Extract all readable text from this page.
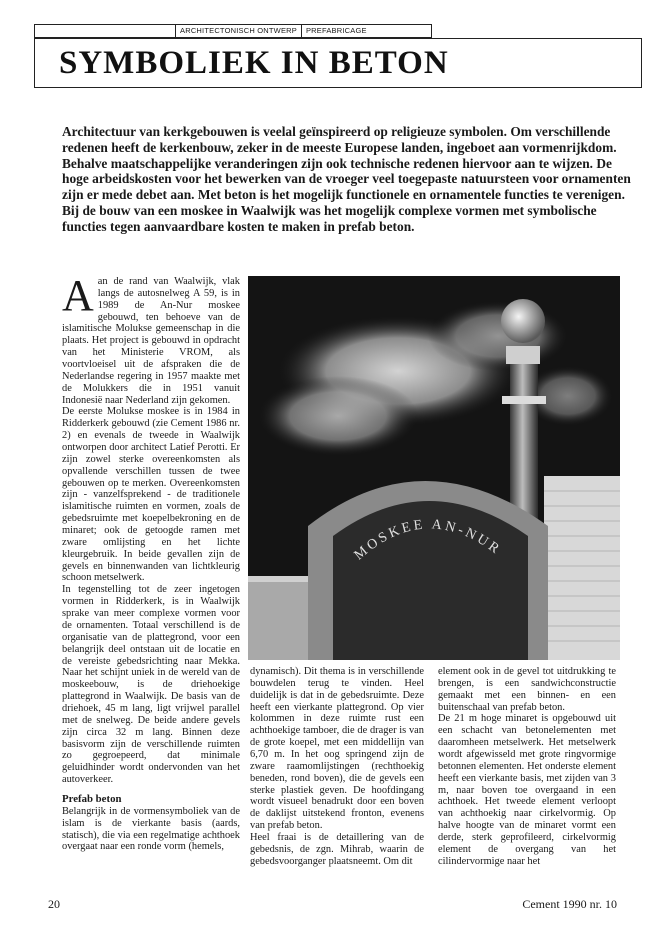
ARCHITECTONISCH ONTWERP	PREFABRICAGE
SYMBOLIEK IN BETON

Architectuur van kerkgebouwen is veelal geïnspireerd op religieuze symbolen. Om verschillende redenen heeft de kerkenbouw, zeker in de meeste Europese landen, ingeboet aan vormenrijkdom. Behalve maatschappelijke veranderingen zijn ook technische redenen hiervoor aan te wijzen. De hoge arbeidskosten voor het bewerken van de vroeger veel toegepaste natuursteen voor ornamenten zijn er mede debet aan. Met beton is het mogelijk functionele en ornamentele functies te verenigen. Bij de bouw van een moskee in Waalwijk was het mogelijk complexe vormen met symbolische functies tegen aanvaardbare kosten te maken in prefab beton.

A an de rand van Waalwijk, vlak langs de autosnelweg A 59, is in 1989 de An-Nur moskee gebouwd, ten behoeve van de islamitische Molukse gemeenschap in die plaats. Het project is gebouwd in opdracht van het Ministerie VROM, als voortvloeisel uit de afspraken die de Nederlandse regering in 1957 maakte met de Molukkers die in 1951 vanuit Indonesië naar Nederland zijn gekomen.

De eerste Molukse moskee is in 1984 in Ridderkerk gebouwd (zie Cement 1986 nr. 2) en evenals de tweede in Waalwijk ontworpen door architect Latief Perotti. Er zijn zowel sterke overeenkomsten als opvallende verschillen tussen de twee gebouwen op te merken. Overeenkomsten zijn - vanzelfsprekend - de traditionele islamitische ruimten en vormen, zoals de gebedsruimte met koepelbekroning en de minaret; ook de getoogde ramen met zware omlijsting en het lichte kleurgebruik. In beide gevallen zijn de gevels en binnenwanden van lichtkleurig schoon metselwerk.

In tegenstelling tot de zeer ingetogen vormen in Ridderkerk, is in Waalwijk sprake van meer complexe vormen voor de ornamenten. Totaal verschillend is de organisatie van de plattegrond, voor een belangrijk deel ontstaan uit de locatie en de vereiste gebedsrichting naar Mekka. Naar het schijnt uniek in de wereld van de moskeebouw, is de driehoekige plattegrond in Waalwijk. De basis van de driehoek, 45 m lang, ligt vrijwel parallel met de snelweg. De beide andere gevels zijn circa 32 m lang. Binnen deze basisvorm zijn de verschillende ruimten zo gegroepeerd, dat minimale geluidhinder wordt ondervonden van het autoverkeer.

Prefab beton

Belangrijk in de vormensymboliek van de islam is de vierkante basis (aards, statisch), die via een regelmatige achthoek overgaat naar een ronde vorm (hemels,

MOSKEE AN-NUR

dynamisch). Dit thema is in verschillende bouwdelen terug te vinden. Heel duidelijk is dat in de gebedsruimte. Deze heeft een vierkante plattegrond. Op vier kolommen in deze ruimte rust een achthoekige tamboer, die de drager is van de grote koepel, met een middellijn van 6,70 m. In het oog springend zijn de zware raamomlijstingen (rechthoekig beneden, rond boven), die de gevels een sterke plastiek geven. De hoofdingang wordt visueel benadrukt door een boven de daklijst uitstekend fronton, evenens van prefab beton.

Heel fraai is de detaillering van de gebedsnis, de zgn. Mihrab, waarin de gebedsvoorganger plaatsneemt. Om dit

element ook in de gevel tot uitdrukking te brengen, is een sandwichconstructie gemaakt met een binnen- en een buitenschaal van prefab beton.

De 21 m hoge minaret is opgebouwd uit een schacht van betonelementen met daaromheen metselwerk. Het metselwerk wordt afgewisseld met grote ringvormige betonnen elementen. Het onderste element heeft een vierkante basis, met zijden van 3 m, naar boven toe overgaand in een achthoek. Het tweede element verloopt van achthoekig naar cirkelvormig. Op halve hoogte van de minaret vormt een derde, sterk geprofileerd, cirkelvormig element de overgang van het cilindervormige naar het

20	Cement 1990 nr. 10
